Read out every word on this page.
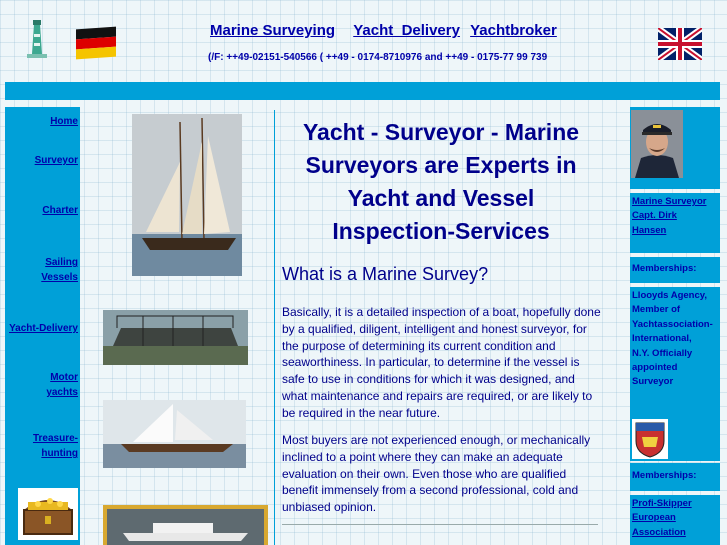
Marine Surveying Yacht  Delivery Yachtbroker
(/F: ++49-02151-540566 ( ++49 - 0174-8710976 and ++49 - 0175-77 99 739
Home
Surveyor
Charter
Sailing
Vessels
Yacht-Delivery
Motor
yachts
Treasure-
hunting
Yacht - Surveyor - Marine
Surveyors are Experts in
Yacht and Vessel
Inspection-Services
What is a Marine Survey?
Basically, it is a detailed inspection of a boat, hopefully done by a qualified, diligent, intelligent and honest surveyor, for the purpose of determining its current condition and seaworthiness. In particular, to determine if the vessel is safe to use in conditions for which it was designed, and what maintenance and repairs are required, or are likely to be required in the near future.
Most buyers are not experienced enough, or mechanically inclined to a point where they can make an adequate evaluation on their own. Even those who are qualified benefit immensely from a second professional, cold and unbiased opinion.
Marine Surveyor
Capt. Dirk
Hansen
Memberships:
Llooyds Agency,
Member of
Yachtassociation-
International,
N.Y. Officially
appointed
Surveyor
Memberships:
Profi-Skipper
European
Association
